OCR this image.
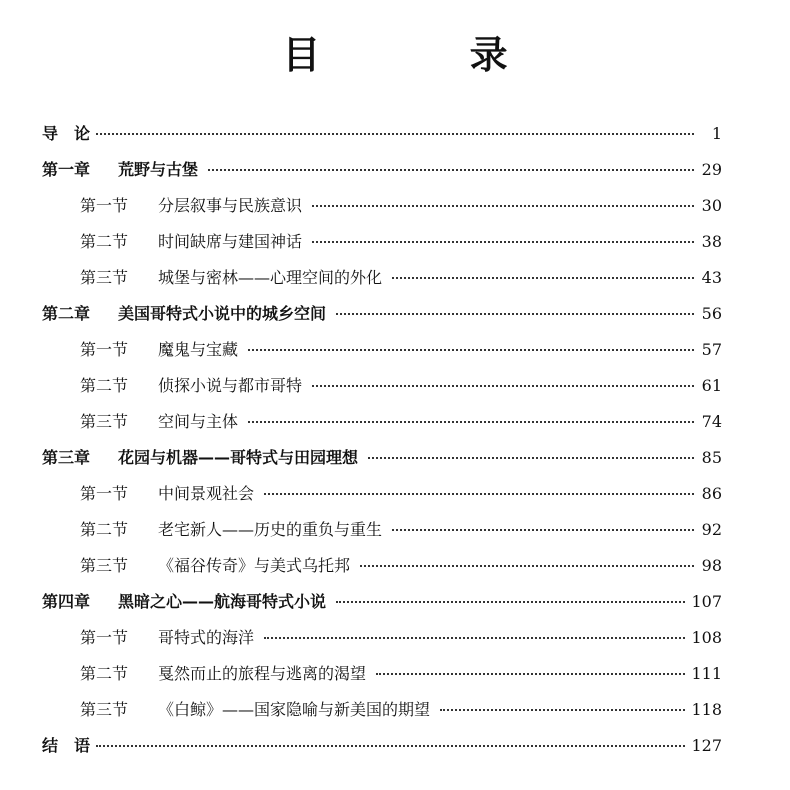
目 录
导论	1
第一章	荒野与古堡	29
第一节	分层叙事与民族意识	30
第二节	时间缺席与建国神话	38
第三节	城堡与密林——心理空间的外化	43
第二章	美国哥特式小说中的城乡空间	56
第一节	魔鬼与宝藏	57
第二节	侦探小说与都市哥特	61
第三节	空间与主体	74
第三章	花园与机器——哥特式与田园理想	85
第一节	中间景观社会	86
第二节	老宅新人——历史的重负与重生	92
第三节	《福谷传奇》与美式乌托邦	98
第四章	黑暗之心——航海哥特式小说	107
第一节	哥特式的海洋	108
第二节	戛然而止的旅程与逃离的渴望	111
第三节	《白鲸》——国家隐喻与新美国的期望	118
结语	127
